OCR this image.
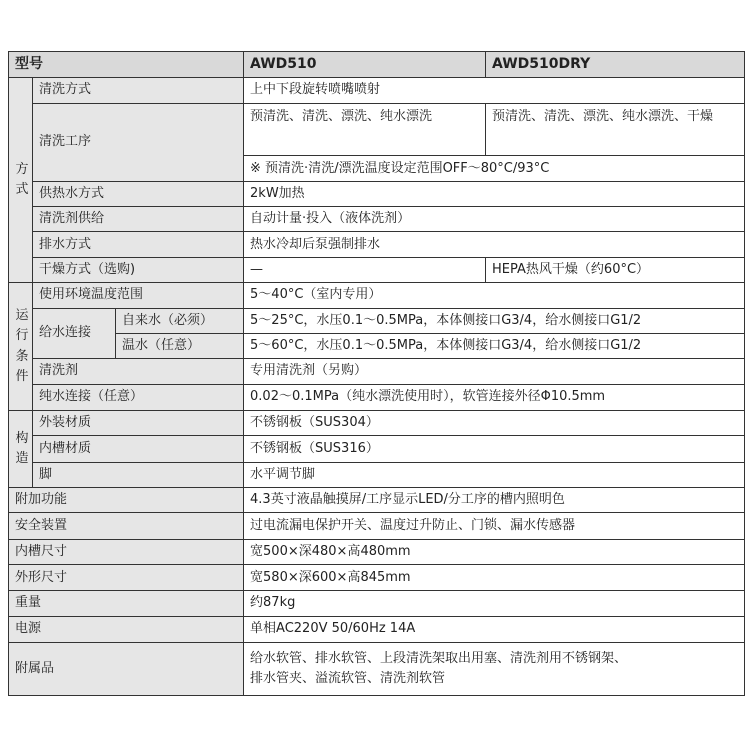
型号			AWD510	AWD510DRY
方式	清洗方式		上中下段旋转喷嘴喷射	
	清洗工序		预清洗、清洗、漂洗、纯水漂洗	预清洗、清洗、漂洗、纯水漂洗、干燥
			※ 预清洗·清洗/漂洗温度设定范围OFF～80°C/93°C	
	供热水方式		2kW加热	
	清洗剂供给		自动计量·投入（液体洗剂）	
	排水方式		热水冷却后泵强制排水	
	干燥方式（选购)		—	HEPA热风干燥（约60°C）
运行条件	使用环境温度范围		5～40°C（室内专用）	
	给水连接	自来水（必须）	5～25°C，水压0.1～0.5MPa，本体侧接口G3/4，给水侧接口G1/2	
		温水（任意）	5～60°C，水压0.1～0.5MPa，本体侧接口G3/4，给水侧接口G1/2	
	清洗剂		专用清洗剂（另购）	
	纯水连接（任意）		0.02～0.1MPa（纯水漂洗使用时），软管连接外径Φ10.5mm	
构造	外装材质		不锈钢板（SUS304）	
	内槽材质		不锈钢板（SUS316）	
	脚		水平调节脚	
附加功能			4.3英寸液晶触摸屏/工序显示LED/分工序的槽内照明色	
安全装置			过电流漏电保护开关、温度过升防止、门锁、漏水传感器	
内槽尺寸			宽500×深480×高480mm	
外形尺寸			宽580×深600×高845mm	
重量			约87kg	
电源			单相AC220V 50/60Hz 14A	
附属品			给水软管、排水软管、上段清洗架取出用塞、清洗剂用不锈钢架、
排水管夹、溢流软管、清洗剂软管	
